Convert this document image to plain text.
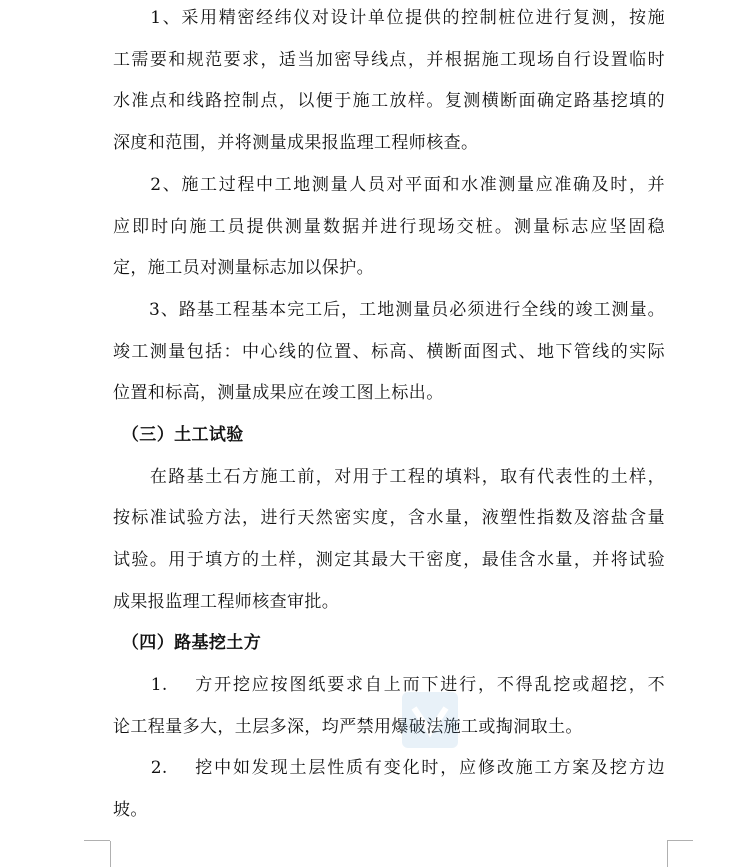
　　1、采用精密经纬仪对设计单位提供的控制桩位进行复测，按施
工需要和规范要求，适当加密导线点，并根据施工现场自行设置临时
水准点和线路控制点，以便于施工放样。复测横断面确定路基挖填的
深度和范围，并将测量成果报监理工程师核查。
　　2、施工过程中工地测量人员对平面和水准测量应准确及时，并
应即时向施工员提供测量数据并进行现场交桩。测量标志应坚固稳
定，施工员对测量标志加以保护。
　　3、路基工程基本完工后，工地测量员必须进行全线的竣工测量。
竣工测量包括：中心线的位置、标高、横断面图式、地下管线的实际
位置和标高，测量成果应在竣工图上标出。
　（三）土工试验
　　在路基土石方施工前，对用于工程的填料，取有代表性的土样，
按标准试验方法，进行天然密实度，含水量，液塑性指数及溶盐含量
试验。用于填方的土样，测定其最大干密度，最佳含水量，并将试验
成果报监理工程师核查审批。
　（四）路基挖土方
　　1.　 方开挖应按图纸要求自上而下进行，不得乱挖或超挖，不
论工程量多大，土层多深，均严禁用爆破法施工或掏洞取土。
　　2.　 挖中如发现土层性质有变化时，应修改施工方案及挖方边
坡。
